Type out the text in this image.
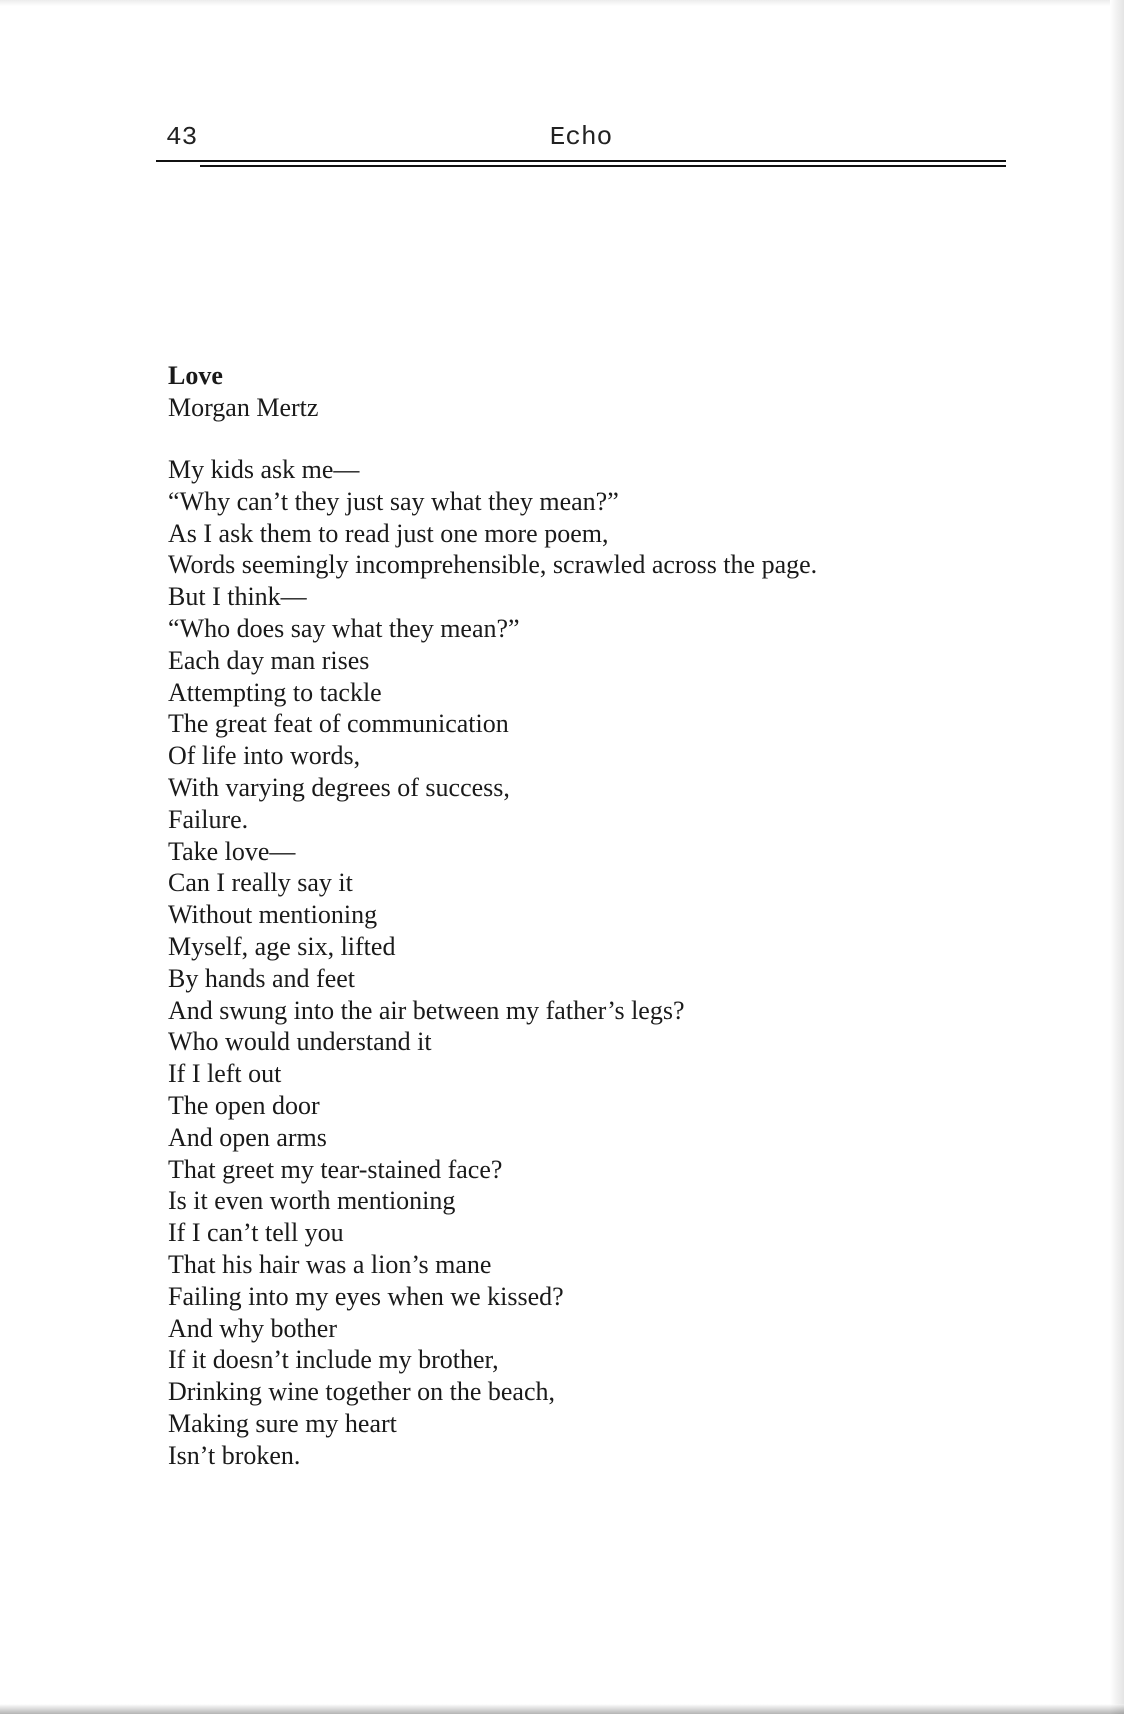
43	Echo

Love

Morgan Mertz

My kids ask me—
“Why can’t they just say what they mean?”
As I ask them to read just one more poem,
Words seemingly incomprehensible, scrawled across the page.
But I think—
“Who does say what they mean?”
Each day man rises
Attempting to tackle
The great feat of communication
Of life into words,
With varying degrees of success,
Failure.
Take love—
Can I really say it
Without mentioning
Myself, age six, lifted
By hands and feet
And swung into the air between my father’s legs?
Who would understand it
If I left out
The open door
And open arms
That greet my tear-stained face?
Is it even worth mentioning
If I can’t tell you
That his hair was a lion’s mane
Failing into my eyes when we kissed?
And why bother
If it doesn’t include my brother,
Drinking wine together on the beach,
Making sure my heart
Isn’t broken.
